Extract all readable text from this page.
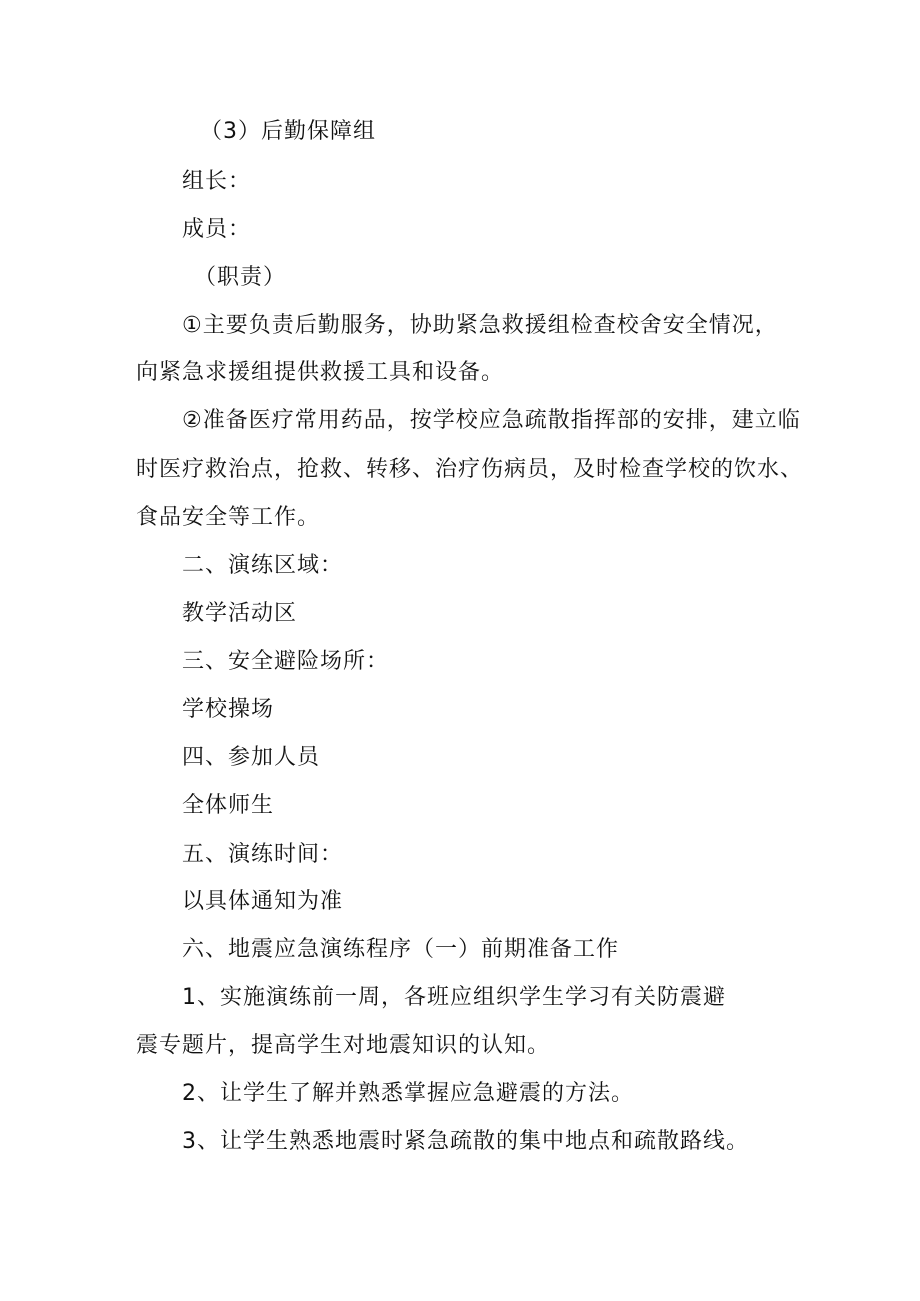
（3）后勤保障组
组长：
成员：
（职责）
①主要负责后勤服务，协助紧急救援组检查校舍安全情况，
向紧急求援组提供救援工具和设备。
②准备医疗常用药品，按学校应急疏散指挥部的安排，建立临
时医疗救治点，抢救、转移、治疗伤病员，及时检查学校的饮水、
食品安全等工作。
二、演练区域：
教学活动区
三、安全避险场所：
学校操场
四、参加人员
全体师生
五、演练时间：
以具体通知为准
六、地震应急演练程序（一）前期准备工作
1、实施演练前一周，各班应组织学生学习有关防震避
震专题片，提高学生对地震知识的认知。
2、让学生了解并熟悉掌握应急避震的方法。
3、让学生熟悉地震时紧急疏散的集中地点和疏散路线。
